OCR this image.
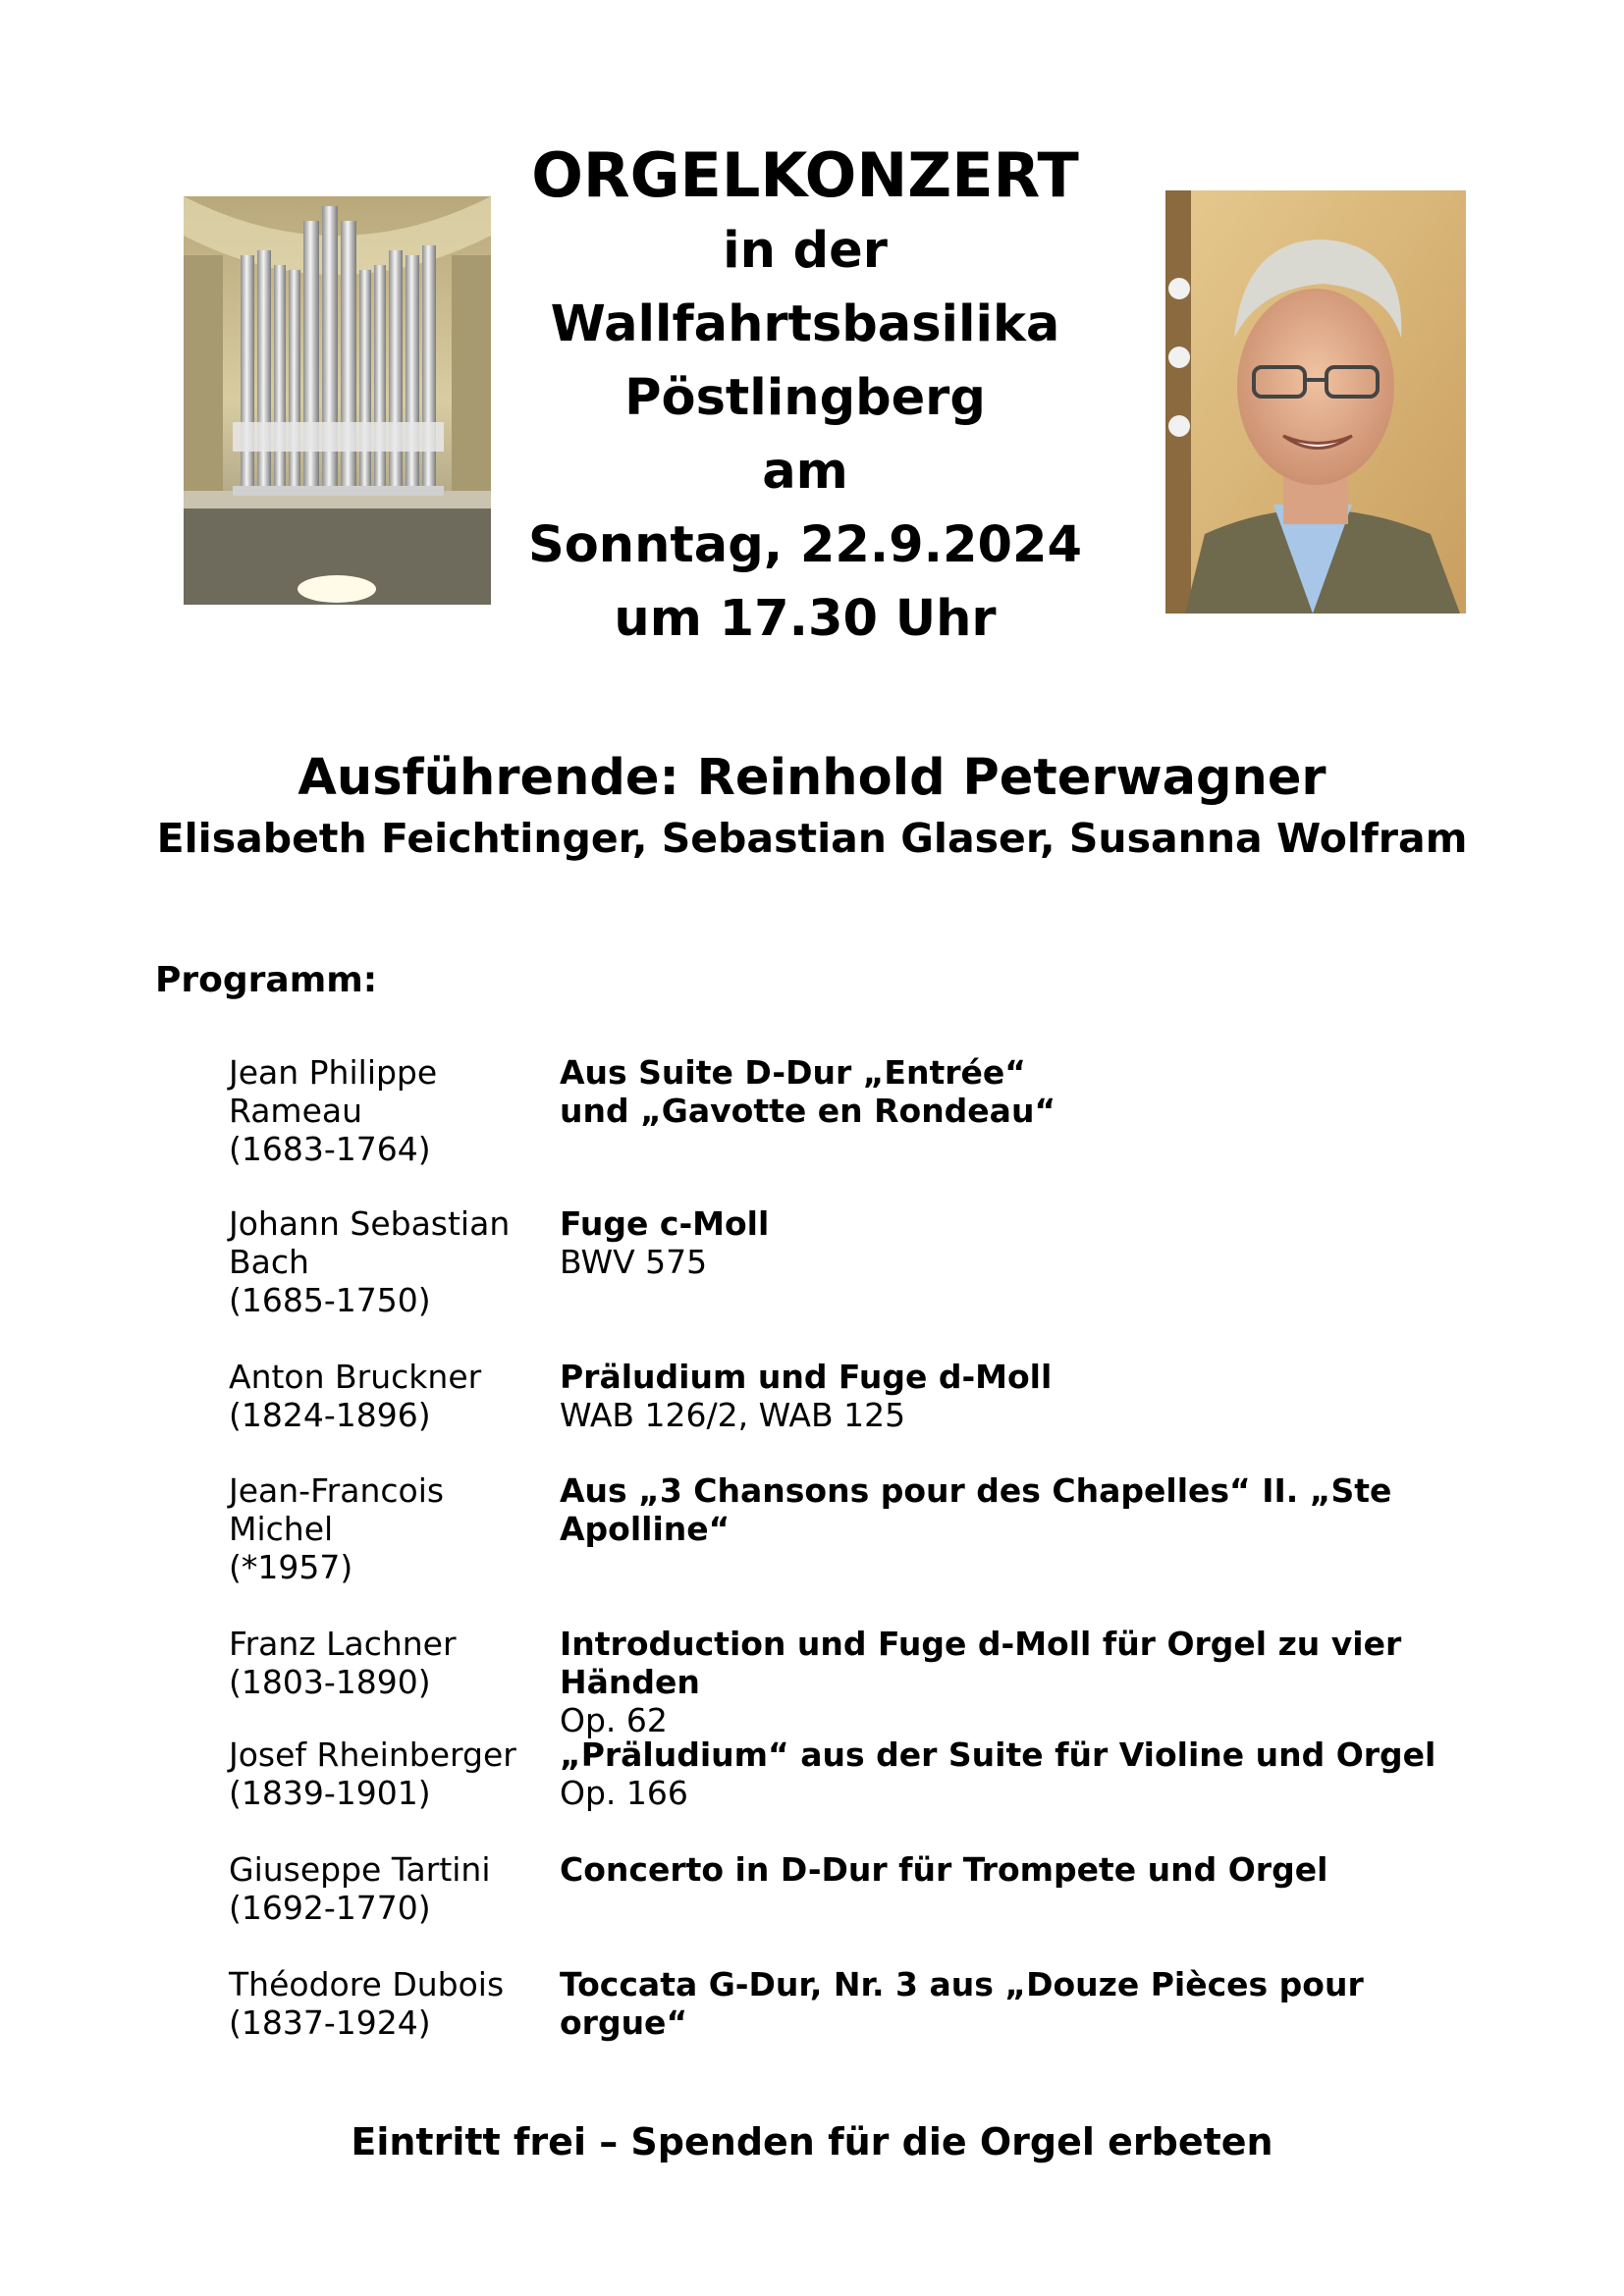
ORGELKONZERT
in der
Wallfahrtsbasilika
Pöstlingberg
am
Sonntag, 22.9.2024
um 17.30 Uhr
Ausführende: Reinhold Peterwagner
Elisabeth Feichtinger, Sebastian Glaser, Susanna Wolfram
Programm:
Jean Philippe
Rameau
(1683-1764)
Aus Suite D-Dur „Entrée“
und „Gavotte en Rondeau“
Johann Sebastian
Bach
(1685-1750)
Fuge c-Moll
BWV 575
Anton Bruckner
(1824-1896)
Präludium und Fuge d-Moll
WAB 126/2, WAB 125
Jean-Francois
Michel
(*1957)
Aus „3 Chansons pour des Chapelles“ II. „Ste
Apolline“
Franz Lachner
(1803-1890)
Introduction und Fuge d-Moll für Orgel zu vier Händen
Op. 62
Josef Rheinberger
(1839-1901)
„Präludium“ aus der Suite für Violine und Orgel
Op. 166
Giuseppe Tartini
(1692-1770)
Concerto in D-Dur für Trompete und Orgel
Théodore Dubois
(1837-1924)
Toccata G-Dur, Nr. 3 aus „Douze Pièces pour orgue“
Eintritt frei – Spenden für die Orgel erbeten
